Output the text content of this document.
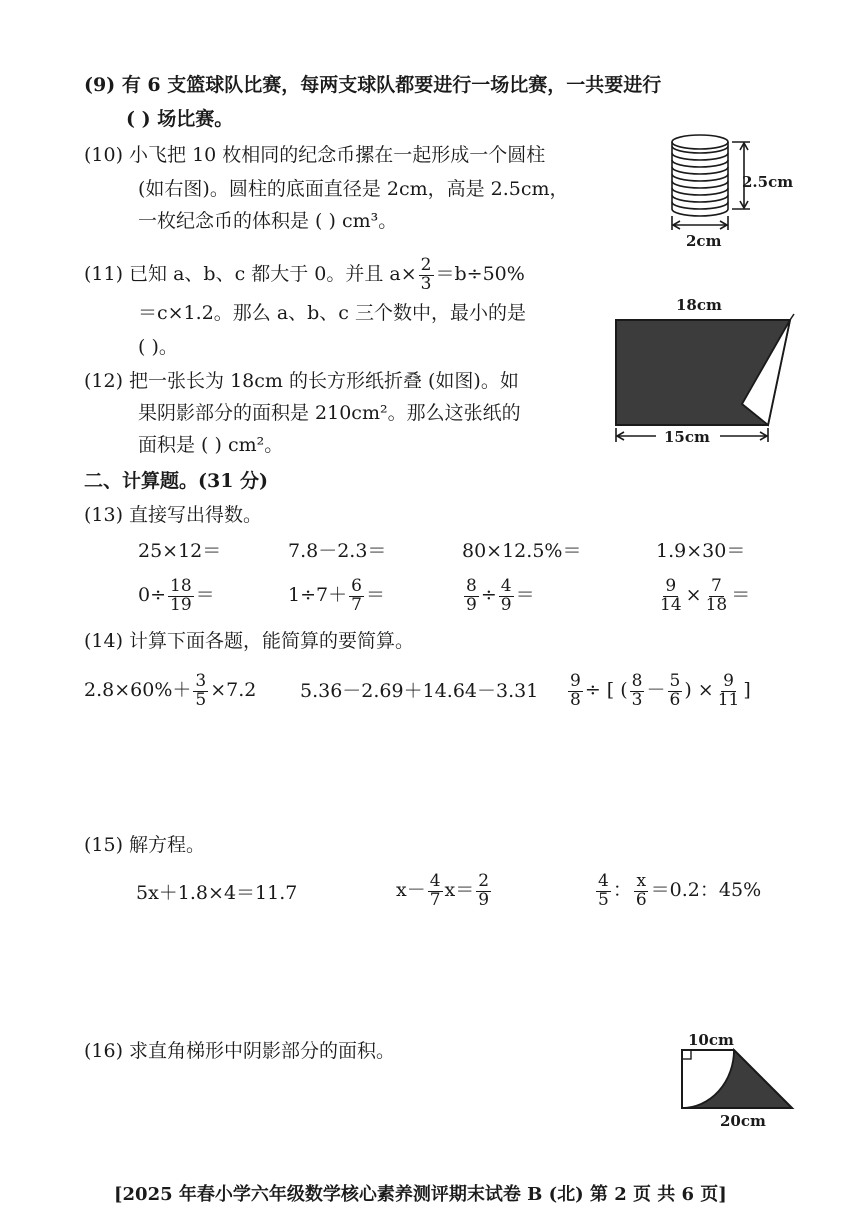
(9) 有 6 支篮球队比赛，每两支球队都要进行一场比赛，一共要进行
( ) 场比赛。
(10) 小飞把 10 枚相同的纪念币摞在一起形成一个圆柱
(如右图)。圆柱的底面直径是 2cm，高是 2.5cm，
一枚纪念币的体积是 ( ) cm³。
2.5cm
2cm
(11) 已知 a、b、c 都大于 0。并且 $a\times \frac{2}{3} =b\div 50\%$
＝c×1.2。那么 a、b、c 三个数中，最小的是
( )。
18cm
15cm
(12) 把一张长为 18cm 的长方形纸折叠 (如图)。如
果阴影部分的面积是 210cm²。那么这张纸的
面积是 ( ) cm²。
二、计算题。(31 分)
(13) 直接写出得数。
25×12＝	7.8－2.3＝	80×12.5%＝	1.9×30＝
$0\div \frac{18}{19}$ ＝	$1\div 7+ \frac{6}{7}$ ＝	$\frac{8}{9} \div \frac{4}{9}$ ＝	$\frac{9}{14} \times \frac{7}{18}$ ＝
(14) 计算下面各题，能简算的要简算。
$2.8\times 60\%+ \frac{3}{5} \times 7.2$ $5.36-2.69+14.64-3.31 \frac{9}{8}$ ÷ [ ( $\frac{8}{3} - \frac{5}{6}$ ) × $\frac{9}{11}$ ]
(15) 解方程。
5x＋1.8×4＝11.7	$x- \frac{4}{7} x= \frac{2}{9}$	$\frac{4}{5}$ ： $\frac{x}{6} =0.2$：45%
(16) 求直角梯形中阴影部分的面积。	10cm
20cm
[2025 年春小学六年级数学核心素养测评期末试卷 B (北) 第 2 页 共 6 页]
